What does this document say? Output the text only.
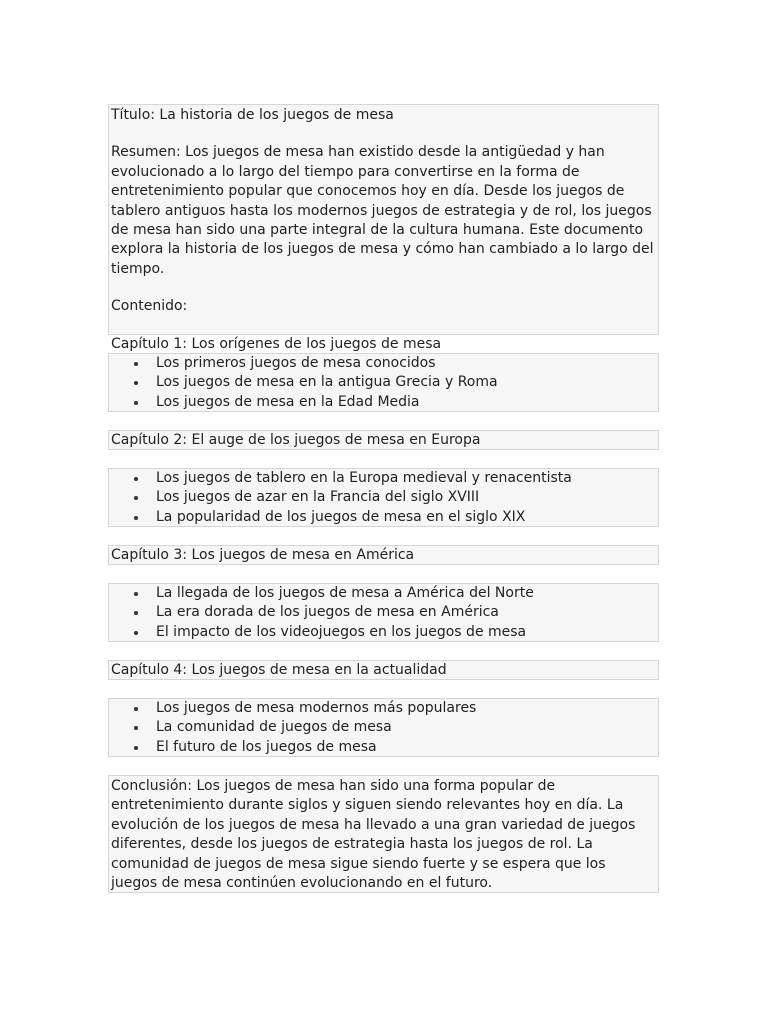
Título: La historia de los juegos de mesa

Resumen: Los juegos de mesa han existido desde la antigüedad y han evolucionado a lo largo del tiempo para convertirse en la forma de entretenimiento popular que conocemos hoy en día. Desde los juegos de tablero antiguos hasta los modernos juegos de estrategia y de rol, los juegos de mesa han sido una parte integral de la cultura humana. Este documento explora la historia de los juegos de mesa y cómo han cambiado a lo largo del tiempo.

Contenido:

Capítulo 1: Los orígenes de los juegos de mesa

Los primeros juegos de mesa conocidos
Los juegos de mesa en la antigua Grecia y Roma
Los juegos de mesa en la Edad Media
Capítulo 2: El auge de los juegos de mesa en Europa
Los juegos de tablero en la Europa medieval y renacentista
Los juegos de azar en la Francia del siglo XVIII
La popularidad de los juegos de mesa en el siglo XIX
Capítulo 3: Los juegos de mesa en América
La llegada de los juegos de mesa a América del Norte
La era dorada de los juegos de mesa en América
El impacto de los videojuegos en los juegos de mesa
Capítulo 4: Los juegos de mesa en la actualidad
Los juegos de mesa modernos más populares
La comunidad de juegos de mesa
El futuro de los juegos de mesa

Conclusión: Los juegos de mesa han sido una forma popular de entretenimiento durante siglos y siguen siendo relevantes hoy en día. La evolución de los juegos de mesa ha llevado a una gran variedad de juegos diferentes, desde los juegos de estrategia hasta los juegos de rol. La comunidad de juegos de mesa sigue siendo fuerte y se espera que los juegos de mesa continúen evolucionando en el futuro.
